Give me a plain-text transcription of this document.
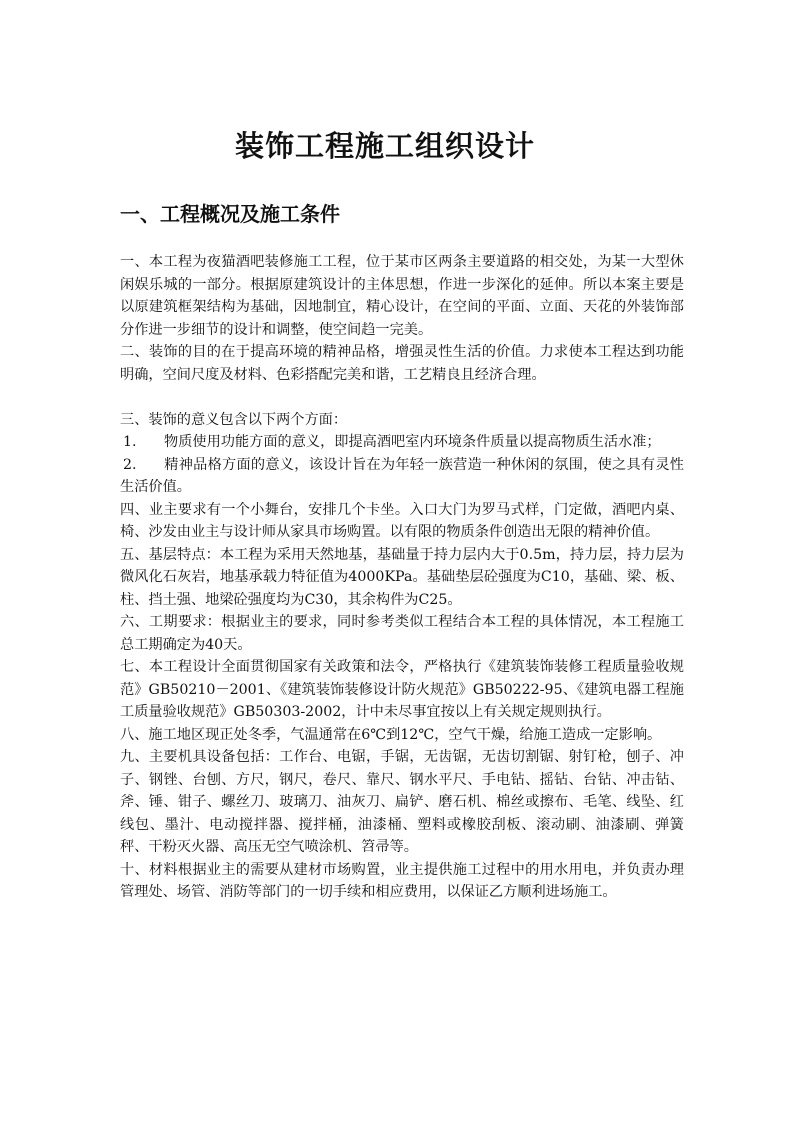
装饰工程施工组织设计
一、工程概况及施工条件

一、本工程为夜猫酒吧装修施工工程，位于某市区两条主要道路的相交处，为某一大型休闲娱乐城的一部分。根据原建筑设计的主体思想，作进一步深化的延伸。所以本案主要是以原建筑框架结构为基础，因地制宜，精心设计，在空间的平面、立面、天花的外装饰部分作进一步细节的设计和调整，使空间趋一完美。

二、装饰的目的在于提高环境的精神品格，增强灵性生活的价值。力求使本工程达到功能明确，空间尺度及材料、色彩搭配完美和谐，工艺精良且经济合理。

三、装饰的意义包含以下两个方面：

1. 物质使用功能方面的意义，即提高酒吧室内环境条件质量以提高物质生活水准；

2. 精神品格方面的意义，该设计旨在为年轻一族营造一种休闲的氛围，使之具有灵性生活价值。

四、业主要求有一个小舞台，安排几个卡坐。入口大门为罗马式样，门定做，酒吧内桌、椅、沙发由业主与设计师从家具市场购置。以有限的物质条件创造出无限的精神价值。

五、基层特点：本工程为采用天然地基，基础量于持力层内大于0.5m，持力层，持力层为微风化石灰岩，地基承载力特征值为4000KPa。基础垫层砼强度为C10，基础、梁、板、柱、挡土强、地梁砼强度均为C30，其余构件为C25。

六、工期要求：根据业主的要求，同时参考类似工程结合本工程的具体情况，本工程施工总工期确定为40天。

七、本工程设计全面贯彻国家有关政策和法令，严格执行《建筑装饰装修工程质量验收规范》GB50210－2001、《建筑装饰装修设计防火规范》GB50222-95、《建筑电器工程施工质量验收规范》GB50303-2002，计中未尽事宜按以上有关规定规则执行。

八、施工地区现正处冬季，气温通常在6℃到12℃，空气干燥，给施工造成一定影响。

九、主要机具设备包括：工作台、电锯，手锯，无齿锯，无齿切割锯、射钉枪，刨子、冲子、钢锉、台刨、方尺，钢尺，卷尺、靠尺、钢水平尺、手电钻、摇钻、台钻、冲击钻、斧、锤、钳子、螺丝刀、玻璃刀、油灰刀、扁铲、磨石机、棉丝或擦布、毛笔、线坠、红线包、墨汁、电动搅拌器、搅拌桶，油漆桶、塑料或橡胶刮板、滚动刷、油漆刷、弹簧秤、干粉灭火器、高压无空气喷涂机、笤帚等。

十、材料根据业主的需要从建材市场购置，业主提供施工过程中的用水用电，并负责办理管理处、场管、消防等部门的一切手续和相应费用，以保证乙方顺利进场施工。
